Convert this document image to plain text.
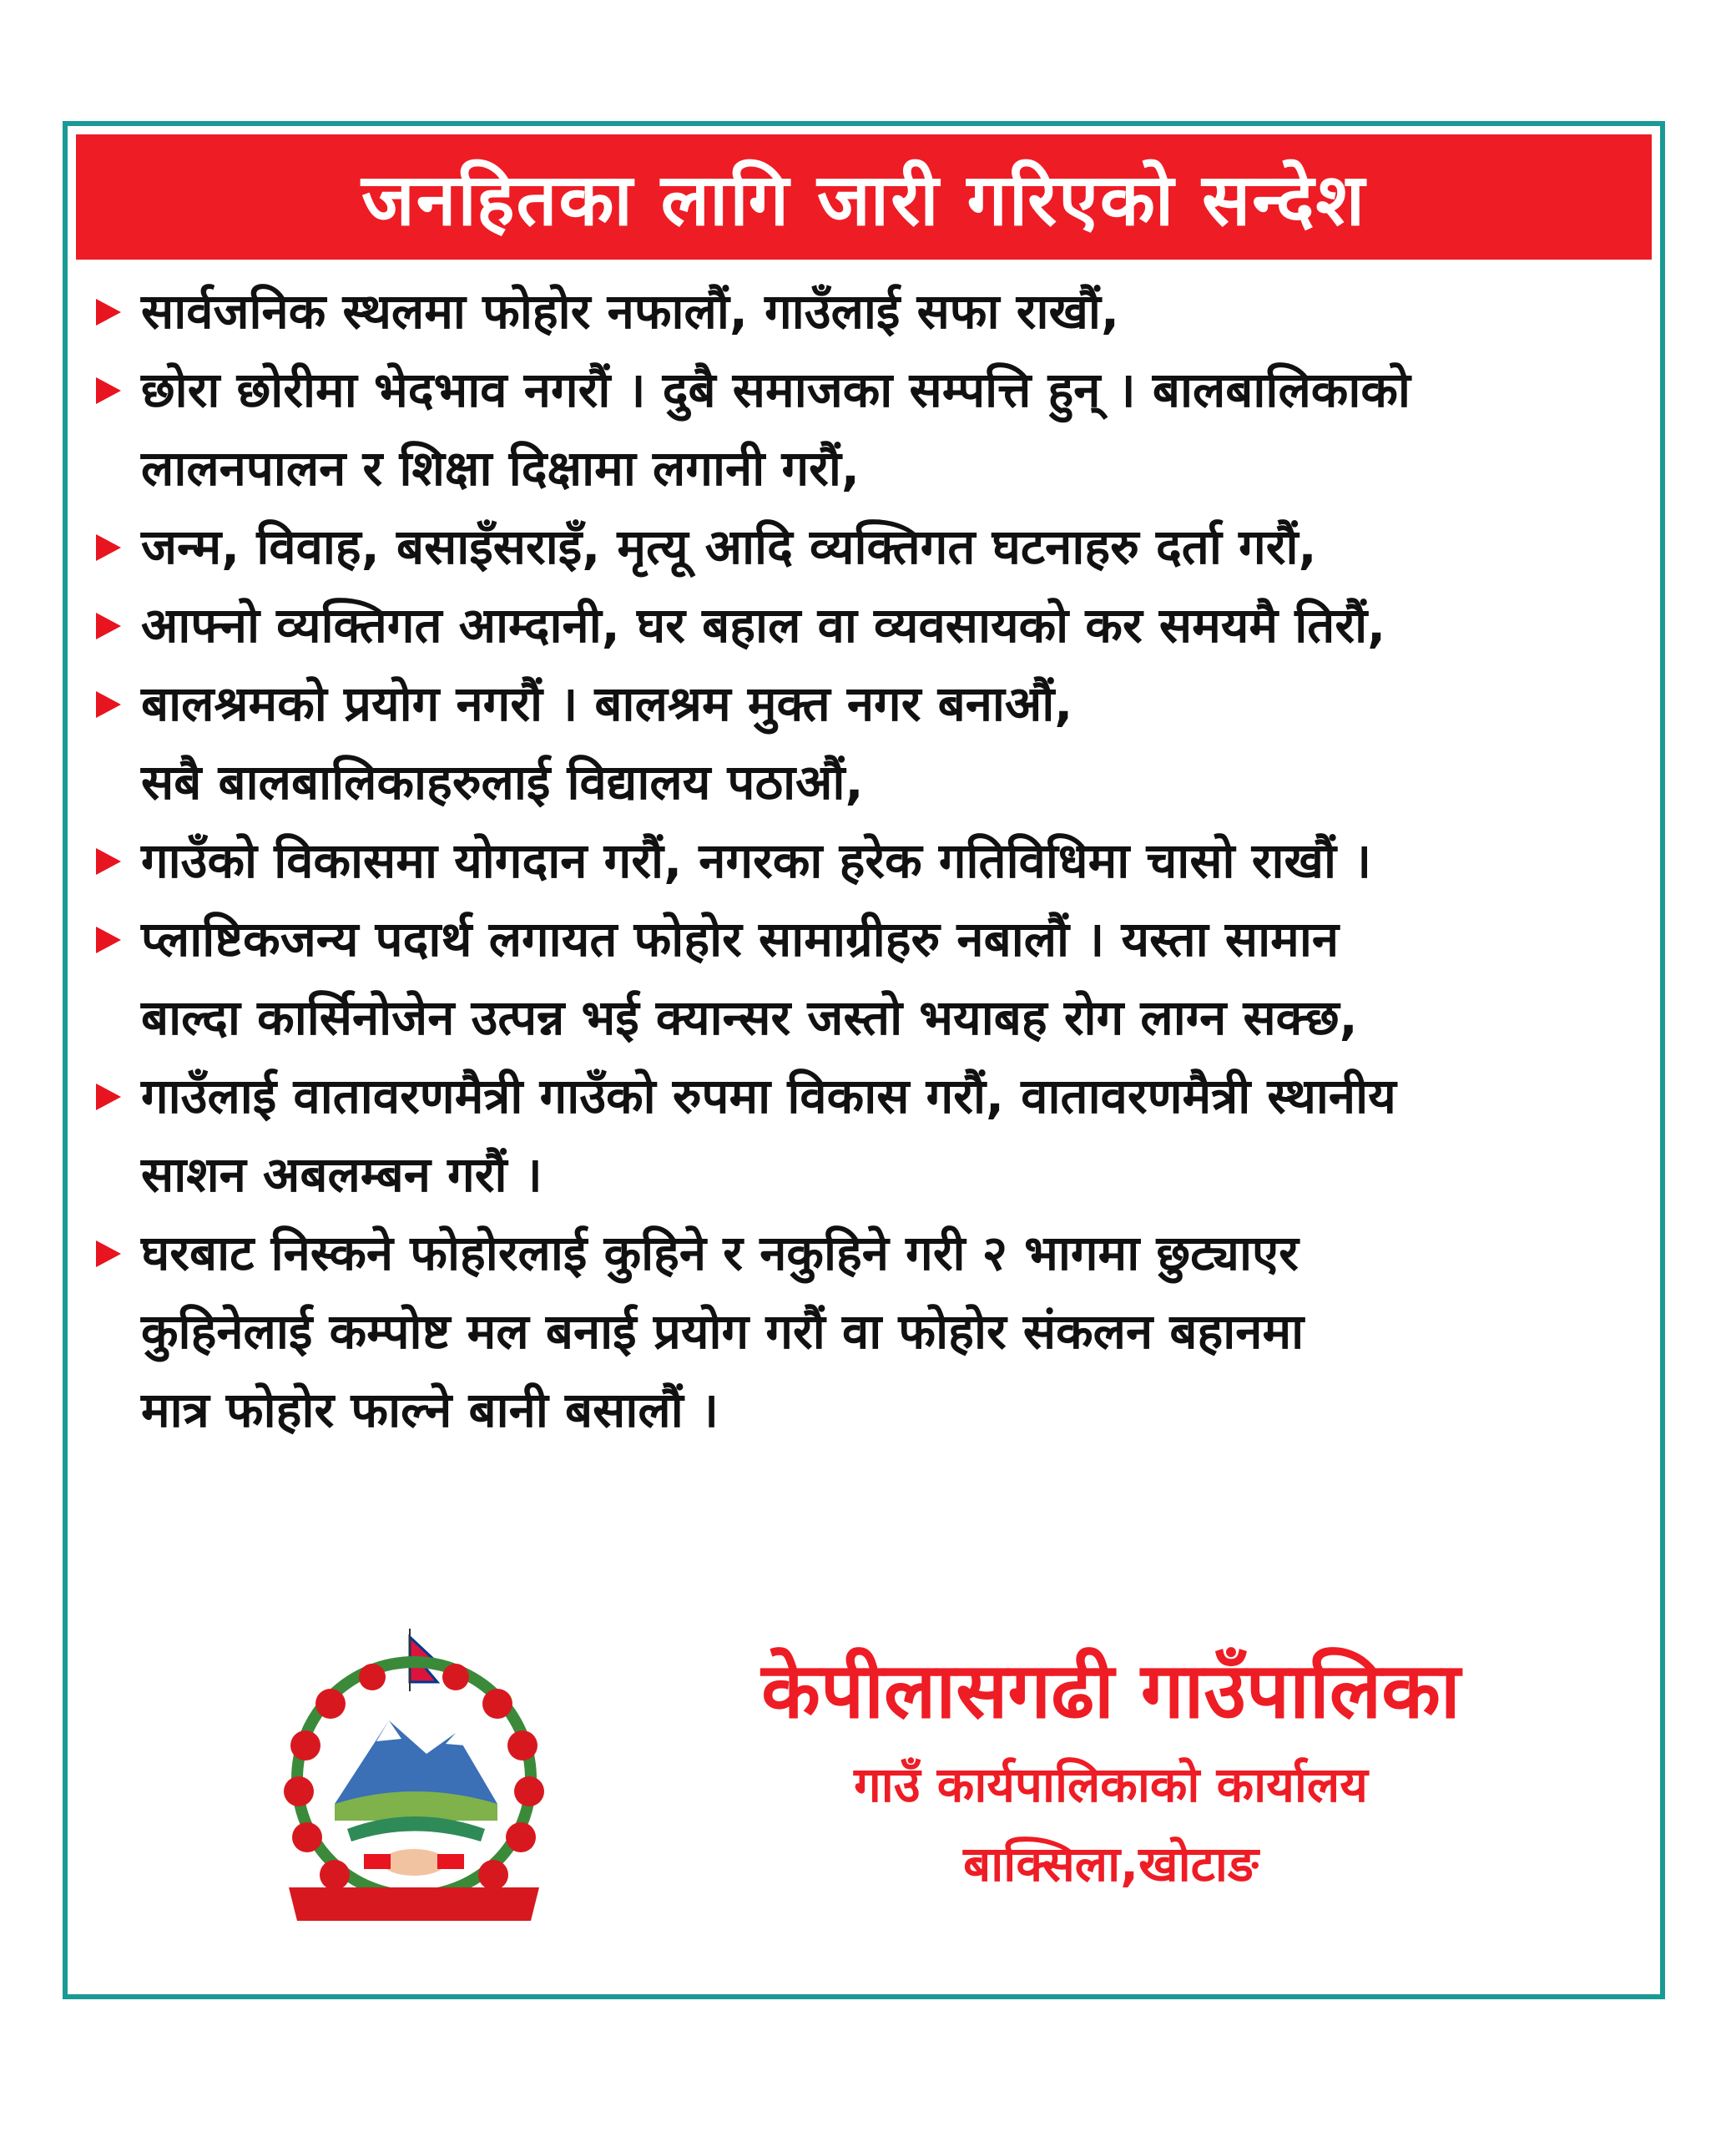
जनहितका लागि जारी गरिएको सन्देश
सार्वजनिक स्थलमा फोहोर नफालौं, गाउँलाई सफा राखौं,
छोरा छोरीमा भेदभाव नगरौं । दुबै समाजका सम्पत्ति हुन् । बालबालिकाको
लालनपालन र शिक्षा दिक्षामा लगानी गरौं,
जन्म, विवाह, बसाइँसराइँ, मृत्यू आदि व्यक्तिगत घटनाहरु दर्ता गरौं,
आफ्नो व्यक्तिगत आम्दानी, घर बहाल वा व्यवसायको कर समयमै तिरौं,
बालश्रमको प्रयोग नगरौं । बालश्रम मुक्त नगर बनाऔं,
सबै बालबालिकाहरुलाई विद्यालय पठाऔं,
गाउँको विकासमा योगदान गरौं, नगरका हरेक गतिविधिमा चासो राखौं ।
प्लाष्टिकजन्य पदार्थ लगायत फोहोर सामाग्रीहरु नबालौं । यस्ता सामान
बाल्दा कार्सिनोजेन उत्पन्न भई क्यान्सर जस्तो भयाबह रोग लाग्न सक्छ,
गाउँलाई वातावरणमैत्री गाउँको रुपमा विकास गरौं, वातावरणमैत्री स्थानीय
साशन अबलम्बन गरौं ।
घरबाट निस्कने फोहोरलाई कुहिने र नकुहिने गरी २ भागमा छुट्याएर
कुहिनेलाई कम्पोष्ट मल बनाई प्रयोग गरौं वा फोहोर संकलन बहानमा
मात्र फोहोर फाल्ने बानी बसालौं ।
केपीलासगढी गाउँपालिका
गाउँ कार्यपालिकाको कार्यालय
बाक्सिला,खोटाङ
